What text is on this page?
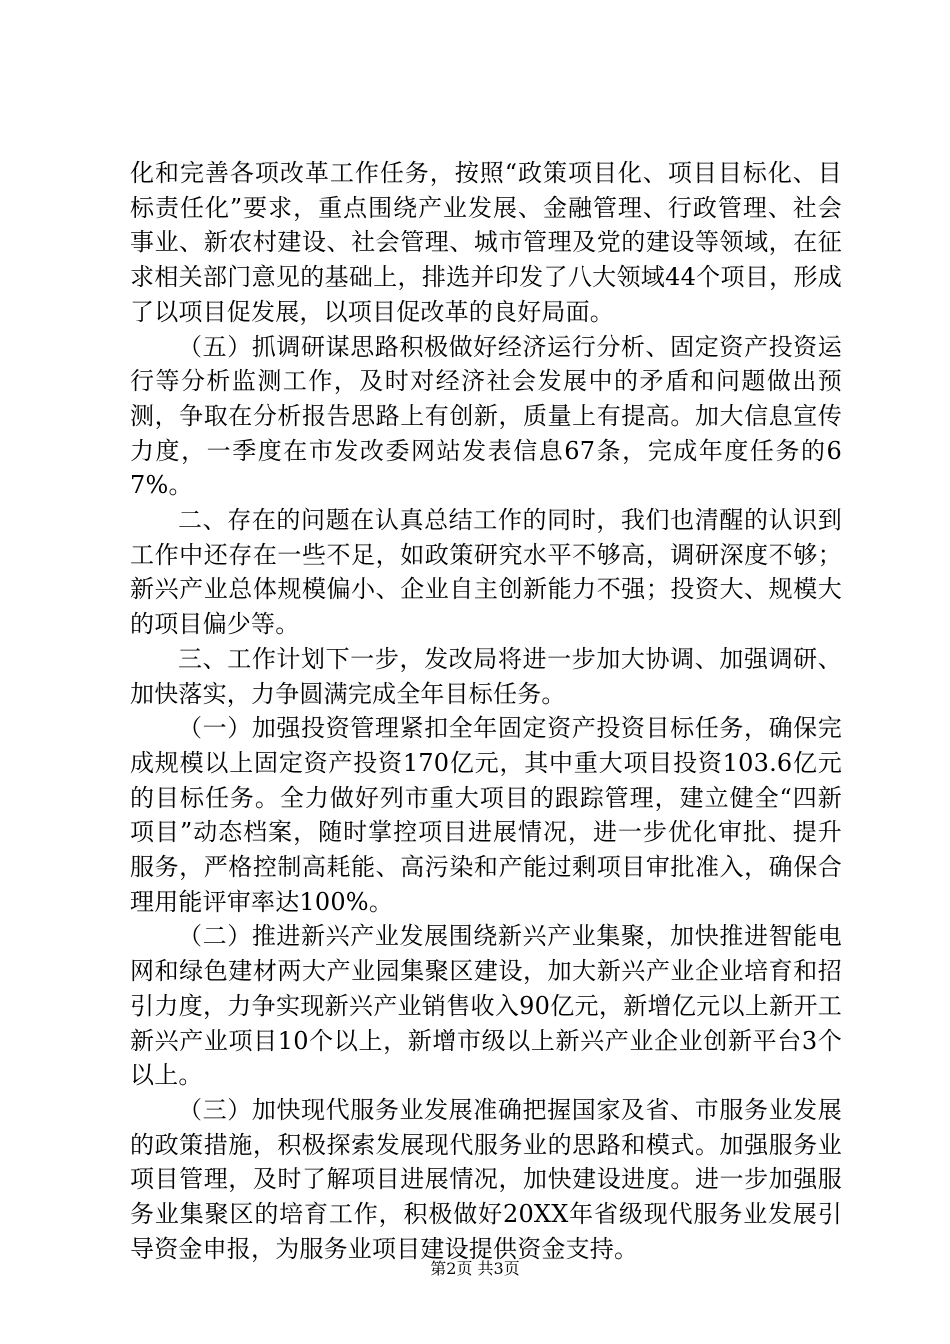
化和完善各项改革工作任务，按照“政策项目化、项目目标化、目标责任化”要求，重点围绕产业发展、金融管理、行政管理、社会事业、新农村建设、社会管理、城市管理及党的建设等领域，在征求相关部门意见的基础上，排选并印发了八大领域44个项目，形成了以项目促发展，以项目促改革的良好局面。

（五）抓调研谋思路积极做好经济运行分析、固定资产投资运行等分析监测工作，及时对经济社会发展中的矛盾和问题做出预测，争取在分析报告思路上有创新，质量上有提高。加大信息宣传力度，一季度在市发改委网站发表信息67条，完成年度任务的67%。

二、存在的问题在认真总结工作的同时，我们也清醒的认识到工作中还存在一些不足，如政策研究水平不够高，调研深度不够；新兴产业总体规模偏小、企业自主创新能力不强；投资大、规模大的项目偏少等。

三、工作计划下一步，发改局将进一步加大协调、加强调研、加快落实，力争圆满完成全年目标任务。

（一）加强投资管理紧扣全年固定资产投资目标任务，确保完成规模以上固定资产投资170亿元，其中重大项目投资103.6亿元的目标任务。全力做好列市重大项目的跟踪管理，建立健全“四新项目”动态档案，随时掌控项目进展情况，进一步优化审批、提升服务，严格控制高耗能、高污染和产能过剩项目审批准入，确保合理用能评审率达100%。

（二）推进新兴产业发展围绕新兴产业集聚，加快推进智能电网和绿色建材两大产业园集聚区建设，加大新兴产业企业培育和招引力度，力争实现新兴产业销售收入90亿元，新增亿元以上新开工新兴产业项目10个以上，新增市级以上新兴产业企业创新平台3个以上。

（三）加快现代服务业发展准确把握国家及省、市服务业发展的政策措施，积极探索发展现代服务业的思路和模式。加强服务业项目管理，及时了解项目进展情况，加快建设进度。进一步加强服务业集聚区的培育工作，积极做好20XX年省级现代服务业发展引导资金申报，为服务业项目建设提供资金支持。

第2页 共3页
